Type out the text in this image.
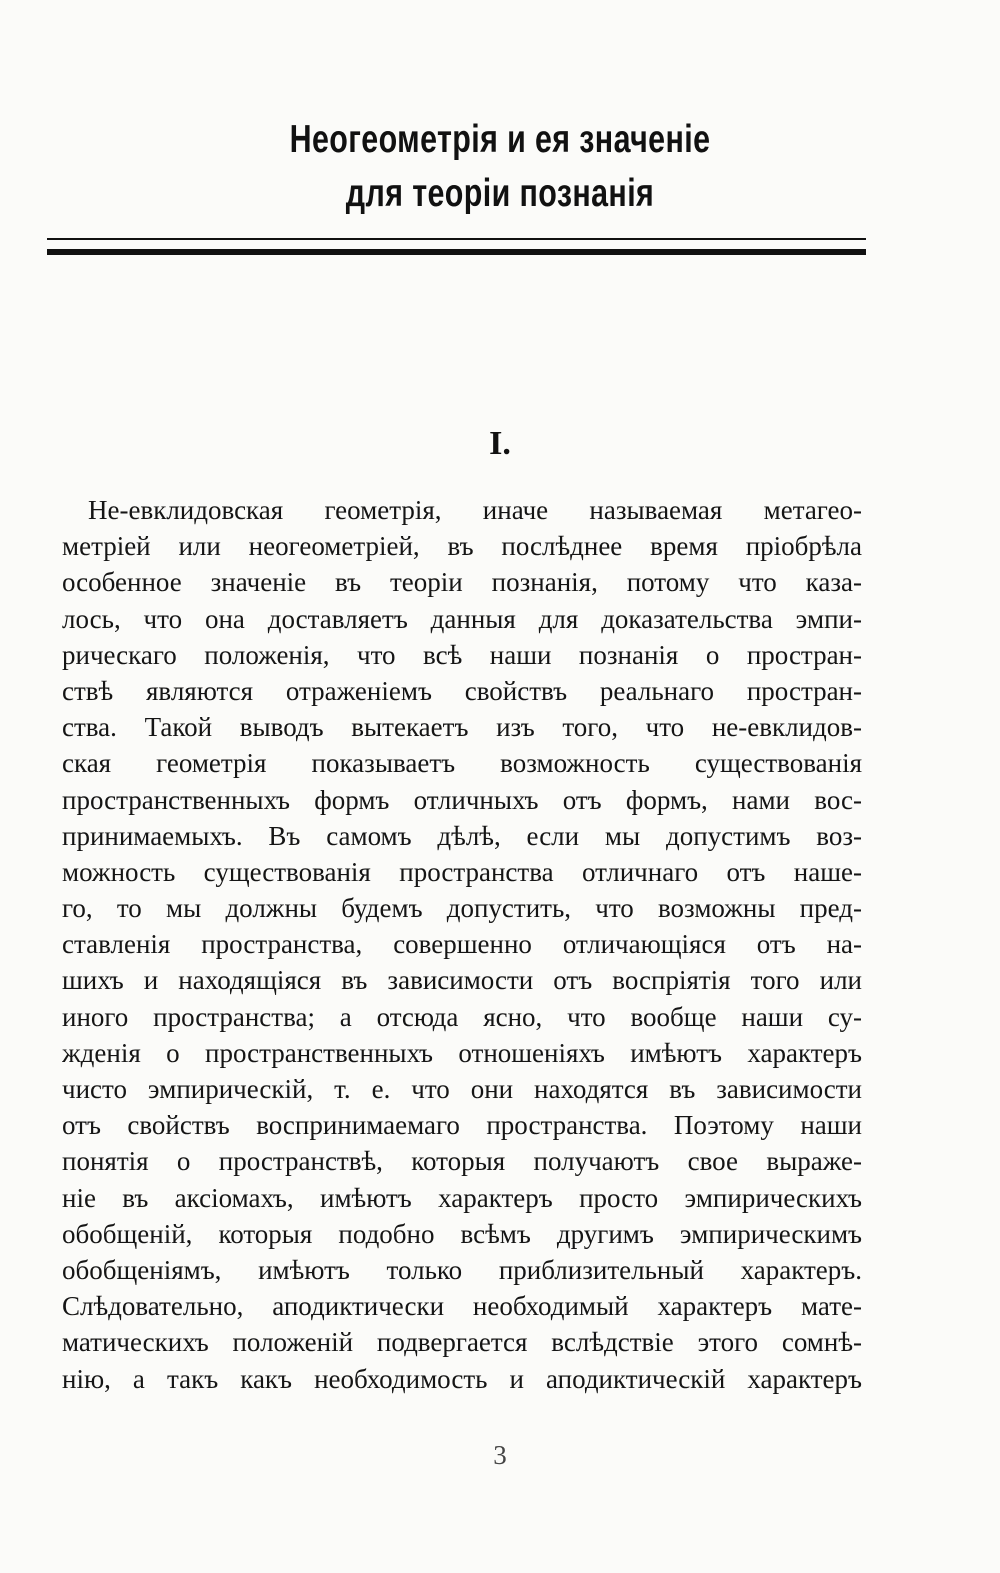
Неогеометрія и ея значеніе
для теоріи познанія
I.
Не-евклидовская геометрія, иначе называемая метагео-
метріей или неогеометріей, въ послѣднее время пріобрѣла
особенное значеніе въ теоріи познанія, потому что каза-
лось, что она доставляетъ данныя для доказательства эмпи-
рическаго положенія, что всѣ наши познанія о простран-
ствѣ являются отраженіемъ свойствъ реальнаго простран-
ства. Такой выводъ вытекаетъ изъ того, что не-евклидов-
ская геометрія показываетъ возможность существованія
пространственныхъ формъ отличныхъ отъ формъ, нами вос-
принимаемыхъ. Въ самомъ дѣлѣ, если мы допустимъ воз-
можность существованія пространства отличнаго отъ наше-
го, то мы должны будемъ допустить, что возможны пред-
ставленія пространства, совершенно отличающіяся отъ на-
шихъ и находящіяся въ зависимости отъ воспріятія того или
иного пространства; а отсюда ясно, что вообще наши су-
жденія о пространственныхъ отношеніяхъ имѣютъ характеръ
чисто эмпирическій, т. е. что они находятся въ зависимости
отъ свойствъ воспринимаемаго пространства. Поэтому наши
понятія о пространствѣ, которыя получаютъ свое выраже-
ніе въ аксіомахъ, имѣютъ характеръ просто эмпирическихъ
обобщеній, которыя подобно всѣмъ другимъ эмпирическимъ
обобщеніямъ, имѣютъ только приблизительный характеръ.
Слѣдовательно, аподиктически необходимый характеръ мате-
матическихъ положеній подвергается вслѣдствіе этого сомнѣ-
нію, а такъ какъ необходимость и аподиктическій характеръ
3
